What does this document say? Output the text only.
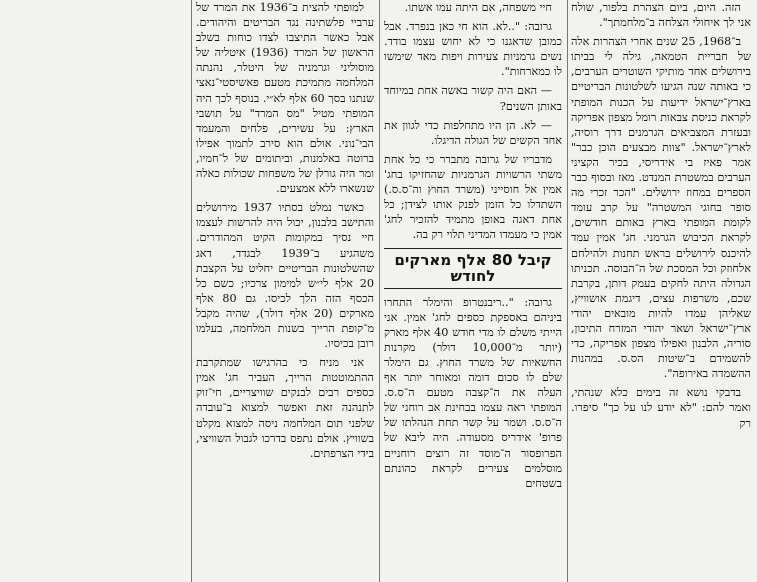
הזה. היום, ביום הצהרת בלפור, שולח אני לך איחולי הצלחה ב־מלחמתך".

ב־1968, 25 שנים אחרי הצהרות אלה של חבריית הטמאה, גילה לי בביתו בירושלים אחד מותיקי השוטרים הערבים, כי באותה שנה הגיעו לשלטונות הבריטיים בארץ־ישראל ידיעות על הכנות המופתי לקראת כניסת צבאות רומל מצפון אפריקה ובעזרת המצביאים הגרמנים דרך רוסיה, לארץ־ישראל. "צוות מבצעים הוכן כבר" אמר פאיז בי אידריסי, בכיר הקציני הערבים במשטרת המנדט. מאז ובסוף כבר הספרים במחוז ירושלים. "הכר זכרי מה סופר בחוגי המשטרה" על קרב עומד לקומת המופתי בארץ באותם חודשים, לקראת הכיבוש הגרמני. חג' אמין עמד להיכנס לירושלים בראש תחנות ולהילחם אלחוזק וכל המסכת של ה־הבוסה. תכניתו הגדולה היתה לחקים בעמק דותן, בקרבת שכם, משרפות עצים, דיגמת אושוויץ, שאליהן עמדו להיות מובאים יהודי ארץ־ישראל ושאר יהודי המזרח התיכון, סוריה, הלבנון ואפילו מצפון אפריקה, כדי להשמידם ב־שיטות הס.ס. במהנות ההשמדה באירופה".

בדבקי נושא זה בימים כלא שנהתי, ואמר להם: "לא יודע לנו על כך" סיפרו. רק

חיי משפחה, אם היתה עמו אשתו.

גרובה: "..לא. הוא חי כאן בנפרד. אבל כמובן שדאגנו כי לא יחוש עצמו בודד. נשים גרמניות צעירות ויפות מאד שימשו לו כמארחות".

— האם היה קשור באשה אחת במיוחד באותן השנים?

— לא. הן היו מתחלפות כדי לגוון את אחד הקשים של הגולה הדיגלו.

מדבריו של גרובה מתברר כי כל אחת משתי הרשויות הגרמניות שהחזיקו בחג' אמין אל חוסייני (משרד החוץ וה־ס.ס.) השתדלו כל הזמן לפנק אותו לצידן; כל אחת דאגה באופן מתמיד להזכיר לחג' אמין כי מעמדו המדיני תלוי רק בה.

קיבל 80 אלף מארקים לחודש

גרובה: "..ריבנטרופ והימלר התחרו ביניהם באספקת כספים לחג' אמין. אני הייתי משלם לו מדי חודש 40 אלף מארק (יותר מ־10,000 דולר) מקרנות החשאיות של משרד החוץ. גם הימלר שלם לו סכום דומה ומאוחר יותר אף העלה את ה־קצבה מטעם ה־ס.ס. המופתי ראה עצמו בבחינת אב רוחני של ה־ס.ס. ושמר על קשר תחת הנהלתו של פרופ' אידריס מסעודה. היה ליבא של הפרופסור ה־מוסד זה רוצים רוחניים מוסלמים צעירים לקראת כהונתם בשטחים

למופתי להצית ב־1936 את המרד של ערביי פלשתינה נגד הבריטים והיהודים. אבל כאשר התיצבו לצדו כוחות בשלב הראשון של המרד (1936) איטליה של מוסוליני וגרמניה של היטלר, נהנתה המלחמה מתמיכת מטעם פאשיסטי־נאצי שנתנו בסך 60 אלף לא״י. בנוסף לכך היה המופתי מטיל "מס המרד" על תושבי הארץ: על עשירים, פלחים והמעמד הבי־נוני. אולם הוא סירב לתמוך אפילו ברוטה באלמנות, וביתומים של ל־חמיו, ומר היה גורלן של משפחות שכולות כאלה שנשארו ללא אמצעים.

כאשר נמלט בסתיו 1937 מירושלים והתישב בלבנון, יכול היה להרשות לעצמו חיי נסיך במקומות הקיט המהודרים. משהגיע ב־1939 לבגדד, דאג שהשלטונות הבריטיים יחליט על הקצבת 20 אלף לי״ש למימון צרכיו; כשם כל הכסף הזה הלך לכיסו. גם 80 אלף מארקים (20 אלף דולר), שהיה מקבל מ־קופת הרייך בשנות המלחמה, בעלמו רובן בכיסיו.

אני מניח כי בהרגישו שמתקרבת ההתמוטטות הרייך, העביר חג' אמין כספים רבים לבנקים שוויצריים, חי־זוק לתנהנה זאת ואפשר למצוא ב־עובדה שלפני תום המלחמה ניסה למצוא מקלט בשוויץ. אולם נתפס בדרכו לגבול השוויצי, בידי הצרפתים.
